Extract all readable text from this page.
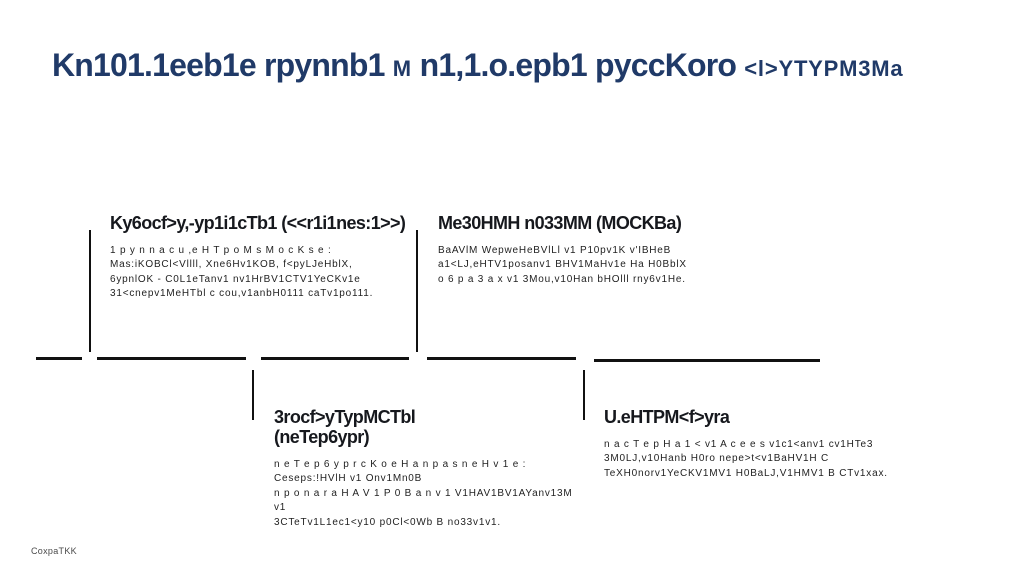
Kn101.1eeb1e rpynnb1 M n1,1.o.epb1 pyccKoro <l>YTYPM3Ma
Ky6ocf>y,-yp1i1cTb1 (<<r1i1nes:1>>)

1 p y n n a c u ,e H T p o M s M o c K s e :
Mas:iKOBCl<Vllll, Xne6Hv1KOB, f<pyLJeHblX,
6ypnlOK - C0L1eTanv1 nv1HrBV1CTV1YeCKv1e
31<cnepv1MeHTbl c cou,v1anbH0111 caTv1po111.

Me30HMH n033MM (MOCKBa)

BaAVlM WepweHeBVlLl v1 P10pv1K v'IBHeB
a1<LJ,eHTV1posanv1 BHV1MaHv1e Ha H0BblX
o 6 p a 3 a x v1 3Mou,v10Han bHOlll rny6v1He.

3rocf>yTypMCTbl
(neTep6ypr)

n e T e p 6 y p r c K o e H a n p a s n e H v 1 e :
Ceseps:!HVlH v1 Onv1Mn0B
n p o n a r a H A V 1 P 0 B a n v 1 V1HAV1BV1AYanv13M v1
3CTeTv1L1ec1<y10 p0Cl<0Wb B no33v1v1.

U.eHTPM<f>yra

n a c T e p H a 1 < v1 A c e e s v1c1<anv1 cv1HTe3
3M0LJ,v10Hanb H0ro nepe>t<v1BaHV1H C
TeXH0norv1YeCKV1MV1 H0BaLJ,V1HMV1 B CTv1xax.

CoxpaTKK
